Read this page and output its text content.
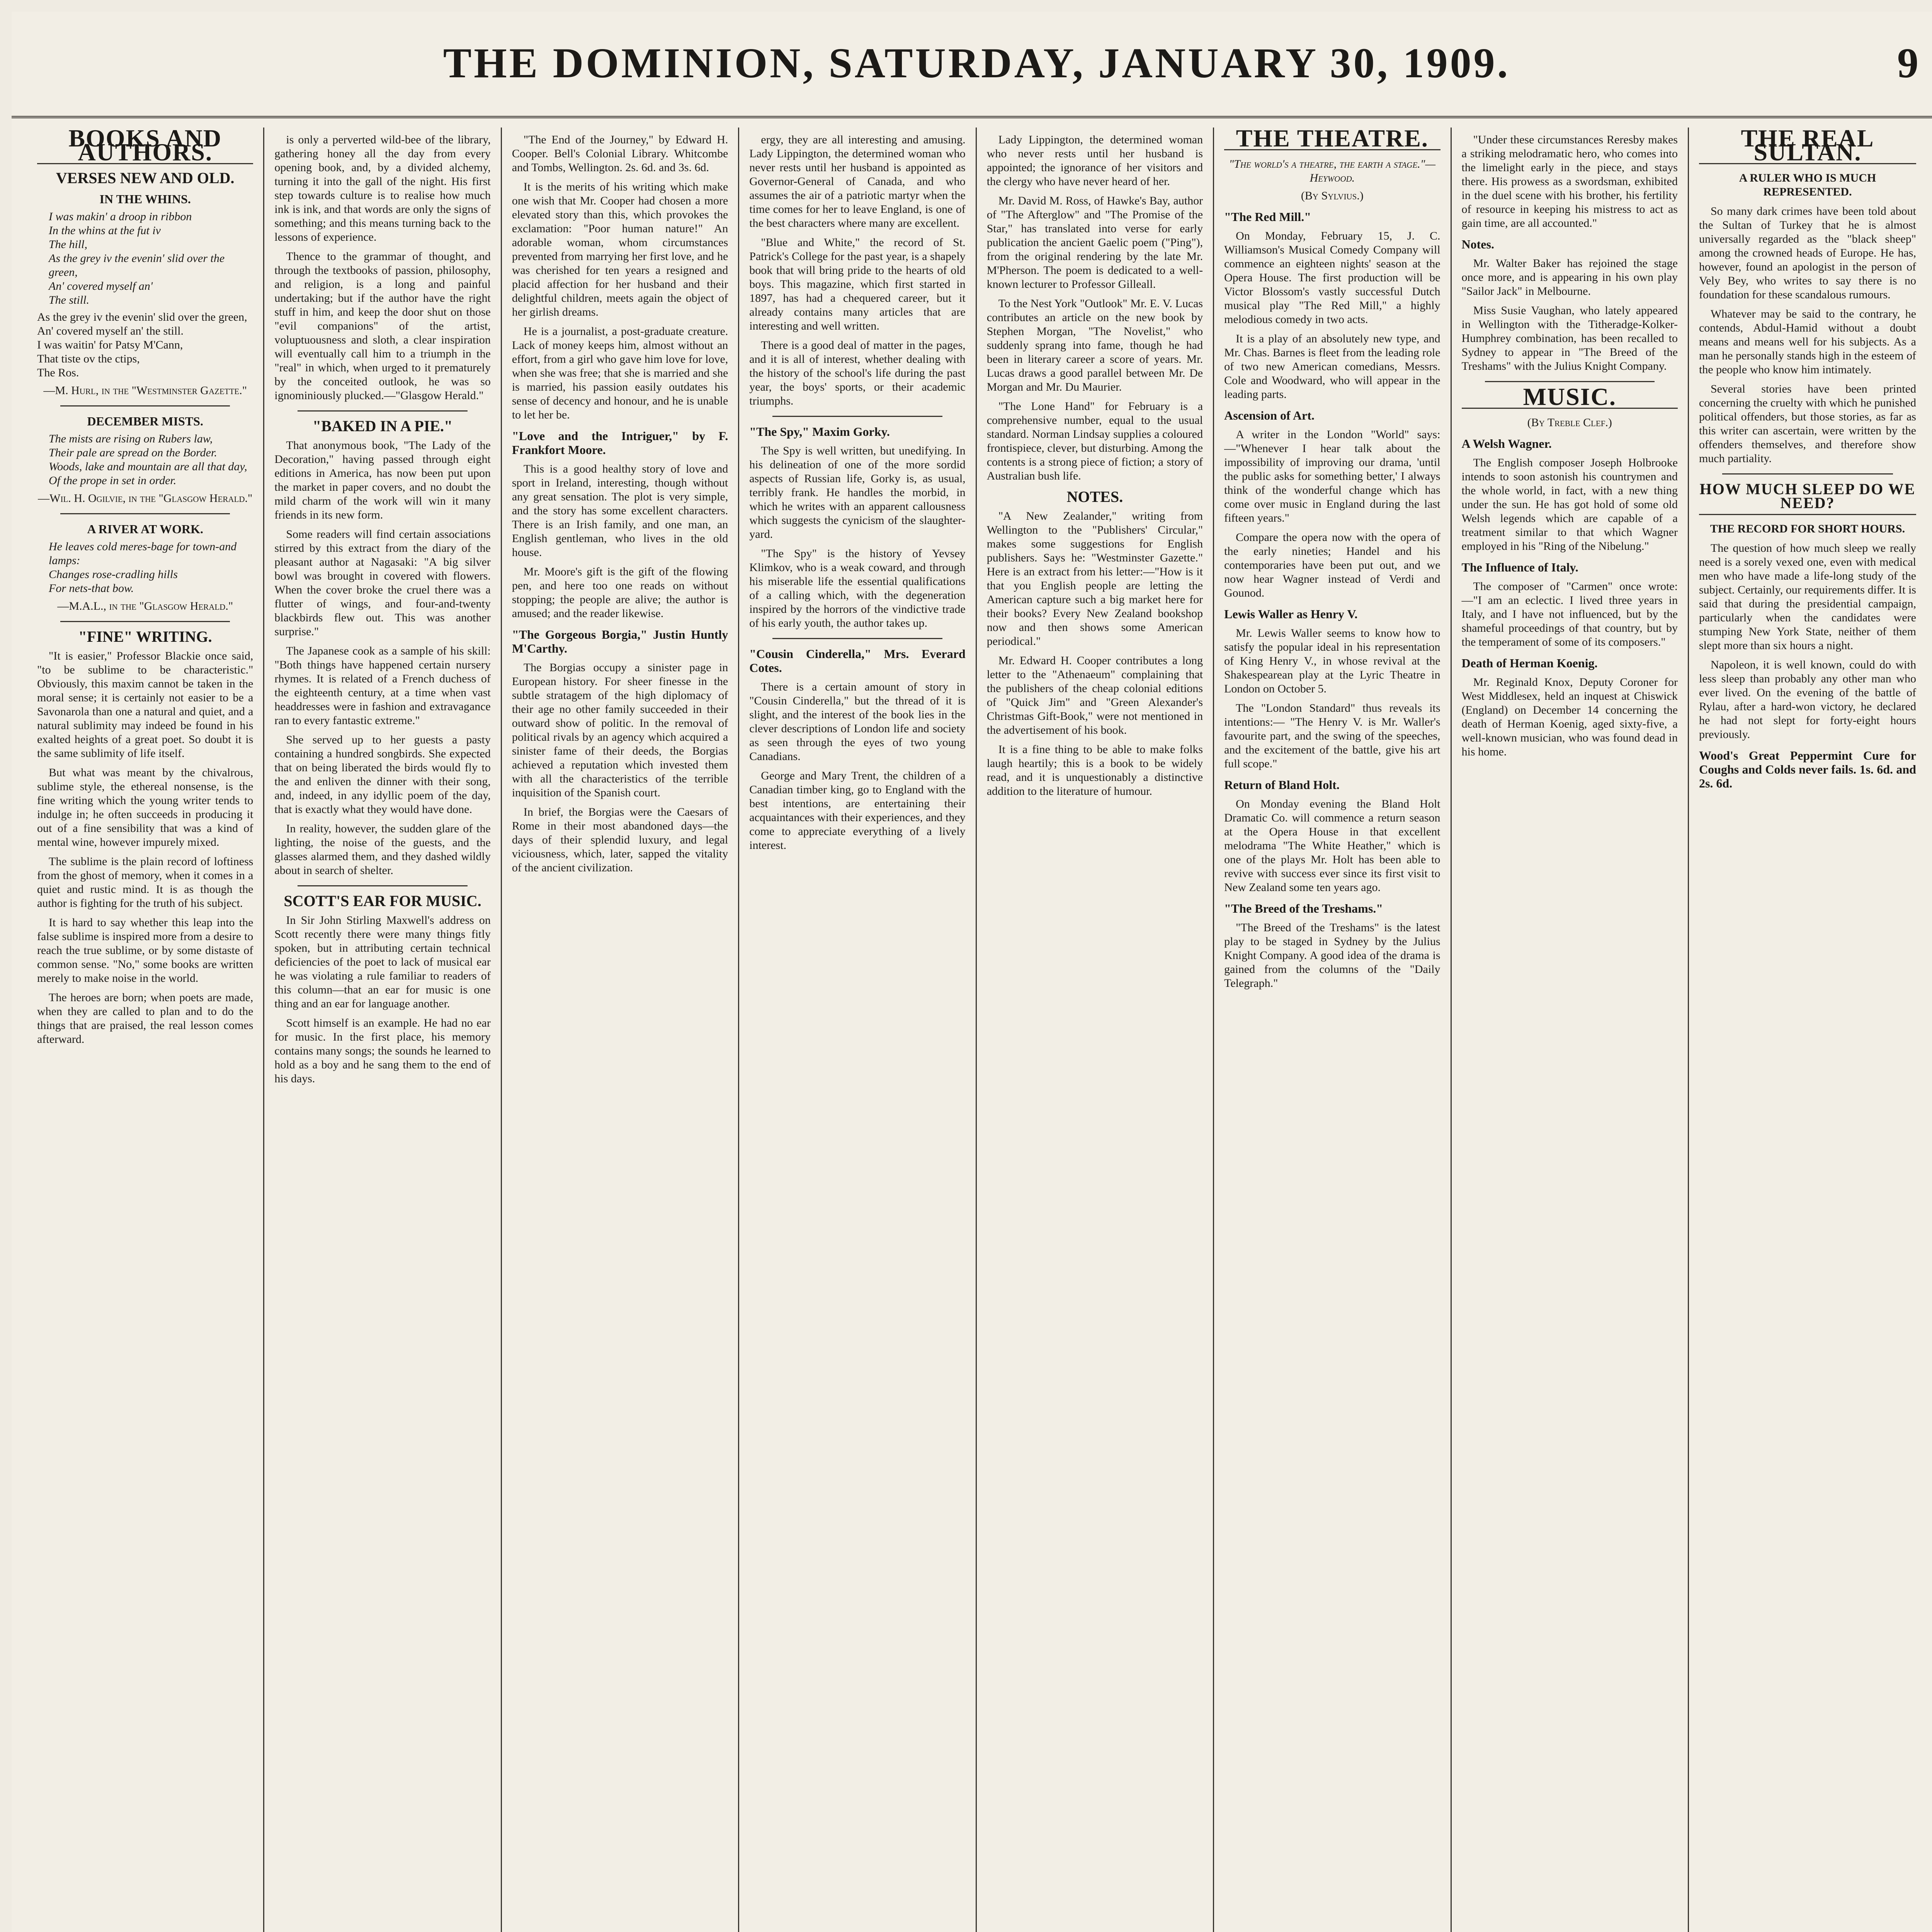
THE DOMINION, SATURDAY, JANUARY 30, 1909.	9
BOOKS AND AUTHORS.
VERSES NEW AND OLD.
IN THE WHINS.
I was makin' a droop in ribbon
In the whins at the fut iv
The hill,
As the grey iv the evenin' slid over the green,
An' covered myself an'
The still.
As the grey iv the evenin' slid over the green,
An' covered myself an' the still.
I was waitin' for Patsy M'Cann,
That tiste ov the ctips,
The Ros.
—M. Hurl, in the "Westminster Gazette."
DECEMBER MISTS.
The mists are rising on Rubers law,
Their pale are spread on the Border.
Woods, lake and mountain are all that day,
Of the prope in set in order.
—Wil. H. Ogilvie, in the "Glasgow Herald."
A RIVER AT WORK.
He leaves cold meres-bage for town-and lamps:
Changes rose-cradling hills
For nets-that bow.
—M.A.L., in the "Glasgow Herald."
"FINE" WRITING.

"It is easier," Professor Blackie once said, "to be sublime to be characteristic." Obviously, this maxim cannot be taken in the moral sense; it is certainly not easier to be a Savonarola than one a natural and quiet, and a natural sublimity may indeed be found in his exalted heights of a great poet. So doubt it is the same sublimity of life itself.

But what was meant by the chivalrous, sublime style, the ethereal nonsense, is the fine writing which the young writer tends to indulge in; he often succeeds in producing it out of a fine sensibility that was a kind of mental wine, however impurely mixed.

The sublime is the plain record of loftiness from the ghost of memory, when it comes in a quiet and rustic mind. It is as though the author is fighting for the truth of his subject.

It is hard to say whether this leap into the false sublime is inspired more from a desire to reach the true sublime, or by some distaste of common sense. "No," some books are written merely to make noise in the world.

The heroes are born; when poets are made, when they are called to plan and to do the things that are praised, the real lesson comes afterward.

is only a perverted wild-bee of the library, gathering honey all the day from every opening book, and, by a divided alchemy, turning it into the gall of the night. His first step towards culture is to realise how much ink is ink, and that words are only the signs of something; and this means turning back to the lessons of experience.

Thence to the grammar of thought, and through the textbooks of passion, philosophy, and religion, is a long and painful undertaking; but if the author have the right stuff in him, and keep the door shut on those "evil companions" of the artist, voluptuousness and sloth, a clear inspiration will eventually call him to a triumph in the "real" in which, when urged to it prematurely by the conceited outlook, he was so ignominiously plucked.—"Glasgow Herald."

"BAKED IN A PIE."

That anonymous book, "The Lady of the Decoration," having passed through eight editions in America, has now been put upon the market in paper covers, and no doubt the mild charm of the work will win it many friends in its new form.

Some readers will find certain associations stirred by this extract from the diary of the pleasant author at Nagasaki: "A big silver bowl was brought in covered with flowers. When the cover broke the cruel there was a flutter of wings, and four-and-twenty blackbirds flew out. This was another surprise."

The Japanese cook as a sample of his skill: "Both things have happened certain nursery rhymes. It is related of a French duchess of the eighteenth century, at a time when vast headdresses were in fashion and extravagance ran to every fantastic extreme."

She served up to her guests a pasty containing a hundred songbirds. She expected that on being liberated the birds would fly to the and enliven the dinner with their song, and, indeed, in any idyllic poem of the day, that is exactly what they would have done.

In reality, however, the sudden glare of the lighting, the noise of the guests, and the glasses alarmed them, and they dashed wildly about in search of shelter.

SCOTT'S EAR FOR MUSIC.

In Sir John Stirling Maxwell's address on Scott recently there were many things fitly spoken, but in attributing certain technical deficiencies of the poet to lack of musical ear he was violating a rule familiar to readers of this column—that an ear for music is one thing and an ear for language another.

Scott himself is an example. He had no ear for music. In the first place, his memory contains many songs; the sounds he learned to hold as a boy and he sang them to the end of his days.

"The End of the Journey," by Edward H. Cooper. Bell's Colonial Library. Whitcombe and Tombs, Wellington. 2s. 6d. and 3s. 6d.

It is the merits of his writing which make one wish that Mr. Cooper had chosen a more elevated story than this, which provokes the exclamation: "Poor human nature!" An adorable woman, whom circumstances prevented from marrying her first love, and he was cherished for ten years a resigned and placid affection for her husband and their delightful children, meets again the object of her girlish dreams.

He is a journalist, a post-graduate creature. Lack of money keeps him, almost without an effort, from a girl who gave him love for love, when she was free; that she is married and she is married, his passion easily outdates his sense of decency and honour, and he is unable to let her be.

"Love and the Intriguer," by F. Frankfort Moore.

This is a good healthy story of love and sport in Ireland, interesting, though without any great sensation. The plot is very simple, and the story has some excellent characters. There is an Irish family, and one man, an English gentleman, who lives in the old house.

Mr. Moore's gift is the gift of the flowing pen, and here too one reads on without stopping; the people are alive; the author is amused; and the reader likewise.

"The Gorgeous Borgia," Justin Huntly M'Carthy.

The Borgias occupy a sinister page in European history. For sheer finesse in the subtle stratagem of the high diplomacy of their age no other family succeeded in their outward show of politic. In the removal of political rivals by an agency which acquired a sinister fame of their deeds, the Borgias achieved a reputation which invested them with all the characteristics of the terrible inquisition of the Spanish court.

In brief, the Borgias were the Caesars of Rome in their most abandoned days—the days of their splendid luxury, and legal viciousness, which, later, sapped the vitality of the ancient civilization.

ergy, they are all interesting and amusing. Lady Lippington, the determined woman who never rests until her husband is appointed as Governor-General of Canada, and who assumes the air of a patriotic martyr when the time comes for her to leave England, is one of the best characters where many are excellent.

"Blue and White," the record of St. Patrick's College for the past year, is a shapely book that will bring pride to the hearts of old boys. This magazine, which first started in 1897, has had a chequered career, but it already contains many articles that are interesting and well written.

There is a good deal of matter in the pages, and it is all of interest, whether dealing with the history of the school's life during the past year, the boys' sports, or their academic triumphs.

"The Spy," Maxim Gorky.

The Spy is well written, but unedifying. In his delineation of one of the more sordid aspects of Russian life, Gorky is, as usual, terribly frank. He handles the morbid, in which he writes with an apparent callousness which suggests the cynicism of the slaughter-yard.

"The Spy" is the history of Yevsey Klimkov, who is a weak coward, and through his miserable life the essential qualifications of a calling which, with the degeneration inspired by the horrors of the vindictive trade of his early youth, the author takes up.

"Cousin Cinderella," Mrs. Everard Cotes.

There is a certain amount of story in "Cousin Cinderella," but the thread of it is slight, and the interest of the book lies in the clever descriptions of London life and society as seen through the eyes of two young Canadians.

George and Mary Trent, the children of a Canadian timber king, go to England with the best intentions, are entertaining their acquaintances with their experiences, and they come to appreciate everything of a lively interest.

Lady Lippington, the determined woman who never rests until her husband is appointed; the ignorance of her visitors and the clergy who have never heard of her.

Mr. David M. Ross, of Hawke's Bay, author of "The Afterglow" and "The Promise of the Star," has translated into verse for early publication the ancient Gaelic poem ("Ping"), from the original rendering by the late Mr. M'Pherson. The poem is dedicated to a well-known lecturer to Professor Gilleall.

To the Nest York "Outlook" Mr. E. V. Lucas contributes an article on the new book by Stephen Morgan, "The Novelist," who suddenly sprang into fame, though he had been in literary career a score of years. Mr. Lucas draws a good parallel between Mr. De Morgan and Mr. Du Maurier.

"The Lone Hand" for February is a comprehensive number, equal to the usual standard. Norman Lindsay supplies a coloured frontispiece, clever, but disturbing. Among the contents is a strong piece of fiction; a story of Australian bush life.

NOTES.

"A New Zealander," writing from Wellington to the "Publishers' Circular," makes some suggestions for English publishers. Says he: "Westminster Gazette." Here is an extract from his letter:—"How is it that you English people are letting the American capture such a big market here for their books? Every New Zealand bookshop now and then shows some American periodical."

Mr. Edward H. Cooper contributes a long letter to the "Athenaeum" complaining that the publishers of the cheap colonial editions of "Quick Jim" and "Green Alexander's Christmas Gift-Book," were not mentioned in the advertisement of his book.

It is a fine thing to be able to make folks laugh heartily; this is a book to be widely read, and it is unquestionably a distinctive addition to the literature of humour.

THE THEATRE.
"The world's a theatre, the earth a stage."—Heywood.
(By Sylvius.)
"The Red Mill."

On Monday, February 15, J. C. Williamson's Musical Comedy Company will commence an eighteen nights' season at the Opera House. The first production will be Victor Blossom's vastly successful Dutch musical play "The Red Mill," a highly melodious comedy in two acts.

It is a play of an absolutely new type, and Mr. Chas. Barnes is fleet from the leading role of two new American comedians, Messrs. Cole and Woodward, who will appear in the leading parts.

Ascension of Art.

A writer in the London "World" says:—"Whenever I hear talk about the impossibility of improving our drama, 'until the public asks for something better,' I always think of the wonderful change which has come over music in England during the last fifteen years."

Compare the opera now with the opera of the early nineties; Handel and his contemporaries have been put out, and we now hear Wagner instead of Verdi and Gounod.

Lewis Waller as Henry V.

Mr. Lewis Waller seems to know how to satisfy the popular ideal in his representation of King Henry V., in whose revival at the Shakespearean play at the Lyric Theatre in London on October 5.

The "London Standard" thus reveals its intentions:— "The Henry V. is Mr. Waller's favourite part, and the swing of the speeches, and the excitement of the battle, give his art full scope."

Return of Bland Holt.

On Monday evening the Bland Holt Dramatic Co. will commence a return season at the Opera House in that excellent melodrama "The White Heather," which is one of the plays Mr. Holt has been able to revive with success ever since its first visit to New Zealand some ten years ago.

"The Breed of the Treshams."

"The Breed of the Treshams" is the latest play to be staged in Sydney by the Julius Knight Company. A good idea of the drama is gained from the columns of the "Daily Telegraph."

"Under these circumstances Reresby makes a striking melodramatic hero, who comes into the limelight early in the piece, and stays there. His prowess as a swordsman, exhibited in the duel scene with his brother, his fertility of resource in keeping his mistress to act as gain time, are all accounted."

Notes.

Mr. Walter Baker has rejoined the stage once more, and is appearing in his own play "Sailor Jack" in Melbourne.

Miss Susie Vaughan, who lately appeared in Wellington with the Titheradge-Kolker-Humphrey combination, has been recalled to Sydney to appear in "The Breed of the Treshams" with the Julius Knight Company.

MUSIC.
(By Treble Clef.)
A Welsh Wagner.

The English composer Joseph Holbrooke intends to soon astonish his countrymen and the whole world, in fact, with a new thing under the sun. He has got hold of some old Welsh legends which are capable of a treatment similar to that which Wagner employed in his "Ring of the Nibelung."

The Influence of Italy.

The composer of "Carmen" once wrote:—"I am an eclectic. I lived three years in Italy, and I have not influenced, but by the shameful proceedings of that country, but by the temperament of some of its composers."

Death of Herman Koenig.

Mr. Reginald Knox, Deputy Coroner for West Middlesex, held an inquest at Chiswick (England) on December 14 concerning the death of Herman Koenig, aged sixty-five, a well-known musician, who was found dead in his home.

THE REAL SULTAN.
A RULER WHO IS MUCH REPRESENTED.

So many dark crimes have been told about the Sultan of Turkey that he is almost universally regarded as the "black sheep" among the crowned heads of Europe. He has, however, found an apologist in the person of Vely Bey, who writes to say there is no foundation for these scandalous rumours.

Whatever may be said to the contrary, he contends, Abdul-Hamid without a doubt means and means well for his subjects. As a man he personally stands high in the esteem of the people who know him intimately.

Several stories have been printed concerning the cruelty with which he punished political offenders, but those stories, as far as this writer can ascertain, were written by the offenders themselves, and therefore show much partiality.

HOW MUCH SLEEP DO WE NEED?
THE RECORD FOR SHORT HOURS.

The question of how much sleep we really need is a sorely vexed one, even with medical men who have made a life-long study of the subject. Certainly, our requirements differ. It is said that during the presidential campaign, particularly when the candidates were stumping New York State, neither of them slept more than six hours a night.

Napoleon, it is well known, could do with less sleep than probably any other man who ever lived. On the evening of the battle of Rylau, after a hard-won victory, he declared he had not slept for forty-eight hours previously.

Wood's Great Peppermint Cure for Coughs and Colds never fails. 1s. 6d. and 2s. 6d.
